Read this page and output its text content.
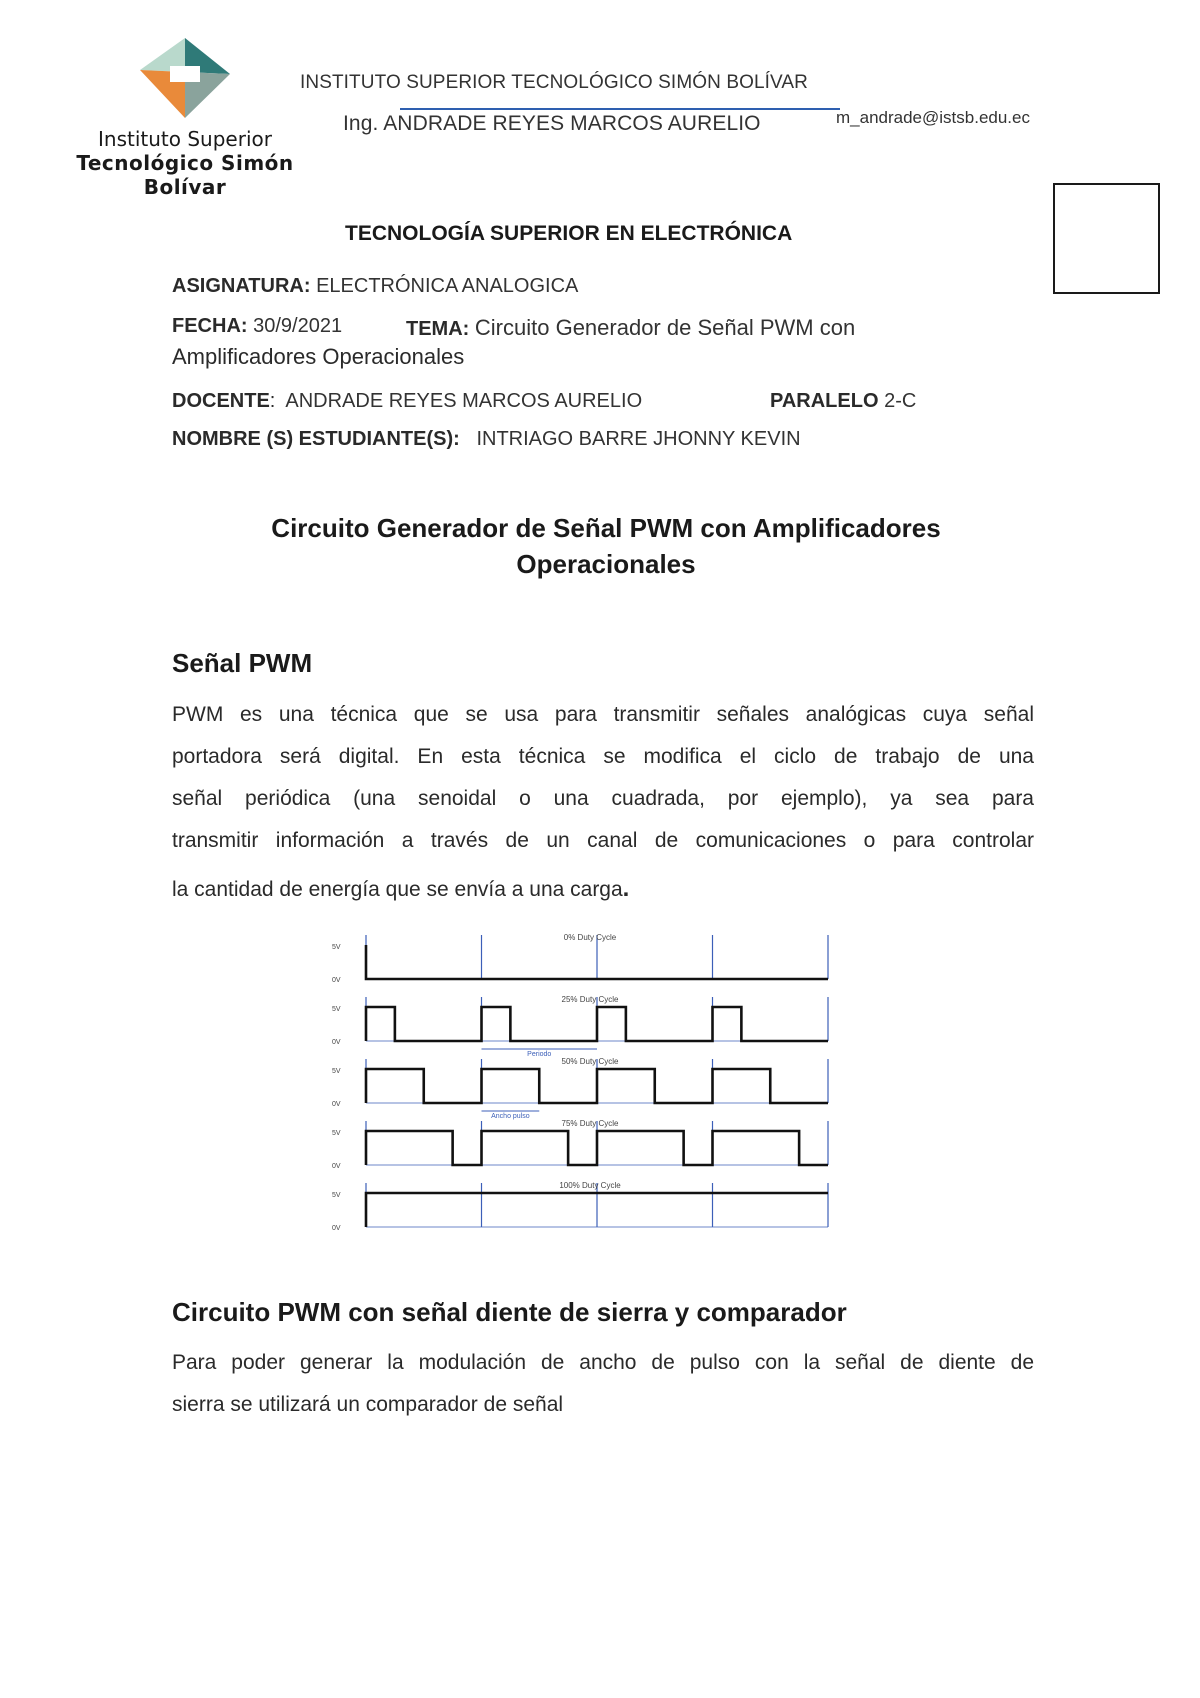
Instituto Superior
Tecnológico Simón
Bolívar
INSTITUTO SUPERIOR TECNOLÓGICO SIMÓN BOLÍVAR
Ing. ANDRADE REYES MARCOS AURELIO	m_andrade@istsb.edu.ec
TECNOLOGÍA SUPERIOR EN ELECTRÓNICA
ASIGNATURA: ELECTRÓNICA ANALOGICA
FECHA: 30/9/2021	TEMA: Circuito Generador de Señal PWM con
Amplificadores Operacionales
DOCENTE:  ANDRADE REYES MARCOS AURELIO	PARALELO 2-C
NOMBRE (S) ESTUDIANTE(S): INTRIAGO BARRE JHONNY KEVIN
Circuito Generador de Señal PWM con Amplificadores
Operacionales
Señal PWM
PWM es una técnica que se usa para transmitir señales analógicas cuya señal
portadora será digital. En esta técnica se modifica el ciclo de trabajo de una
señal periódica (una senoidal o una cuadrada, por ejemplo), ya sea para
transmitir información a través de un canal de comunicaciones o para controlar
la cantidad de energía que se envía a una carga.
5V
0V
0% Duty Cycle
5V
0V
25% Duty Cycle
Periodo
5V
0V
50% Duty Cycle
Ancho pulso
5V
0V
75% Duty Cycle
5V
0V
100% Duty Cycle
Circuito PWM con señal diente de sierra y comparador
Para poder generar la modulación de ancho de pulso con la señal de diente de
sierra se utilizará un comparador de señal
